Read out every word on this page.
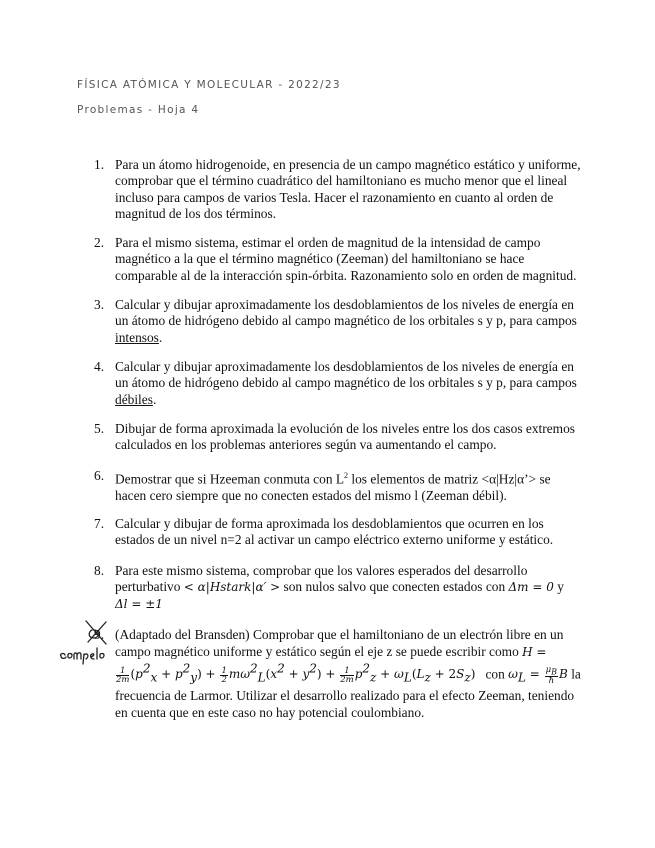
FÍSICA ATÓMICA Y MOLECULAR - 2022/23
Problemas - Hoja 4
1. Para un átomo hidrogenoide, en presencia de un campo magnético estático y uniforme, comprobar que el término cuadrático del hamiltoniano es mucho menor que el lineal incluso para campos de varios Tesla. Hacer el razonamiento en cuanto al orden de magnitud de los dos términos.
2. Para el mismo sistema, estimar el orden de magnitud de la intensidad de campo magnético a la que el término magnético (Zeeman) del hamiltoniano se hace comparable al de la interacción spin-órbita. Razonamiento solo en orden de magnitud.
3. Calcular y dibujar aproximadamente los desdoblamientos de los niveles de energía en un átomo de hidrógeno debido al campo magnético de los orbitales s y p, para campos intensos.
4. Calcular y dibujar aproximadamente los desdoblamientos de los niveles de energía en un átomo de hidrógeno debido al campo magnético de los orbitales s y p, para campos débiles.
5. Dibujar de forma aproximada la evolución de los niveles entre los dos casos extremos calculados en los problemas anteriores según va aumentando el campo.
6. Demostrar que si Hzeeman conmuta con $L^2$ los elementos de matriz <α|Hz|α’> se hacen cero siempre que no conecten estados del mismo l (Zeeman débil).
7. Calcular y dibujar de forma aproximada los desdoblamientos que ocurren en los estados de un nivel n=2 al activar un campo eléctrico externo uniforme y estático.
8. Para este mismo sistema, comprobar que los valores esperados del desarrollo perturbativo < α|Hstark|α′ > son nulos salvo que conecten estados con Δm = 0 y
Δl = ±1
9. (Adaptado del Bransden) Comprobar que el hamiltoniano de un electrón libre en un campo magnético uniforme y estático según el eje z se puede escribir como H =
$\frac{1}{2m} (p^2_x + p^2_y) + \frac{1}{2} m\omega^2_L(x^2 + y^2) + \frac{1}{2m} p^2_z + \omega_L(L_z + 2S_z)$ con $\omega_L = \frac{\mu_B}{ħ}$ B la frecuencia de Larmor. Utilizar el desarrollo realizado para el efecto Zeeman, teniendo en cuenta que en este caso no hay potencial coulombiano.
